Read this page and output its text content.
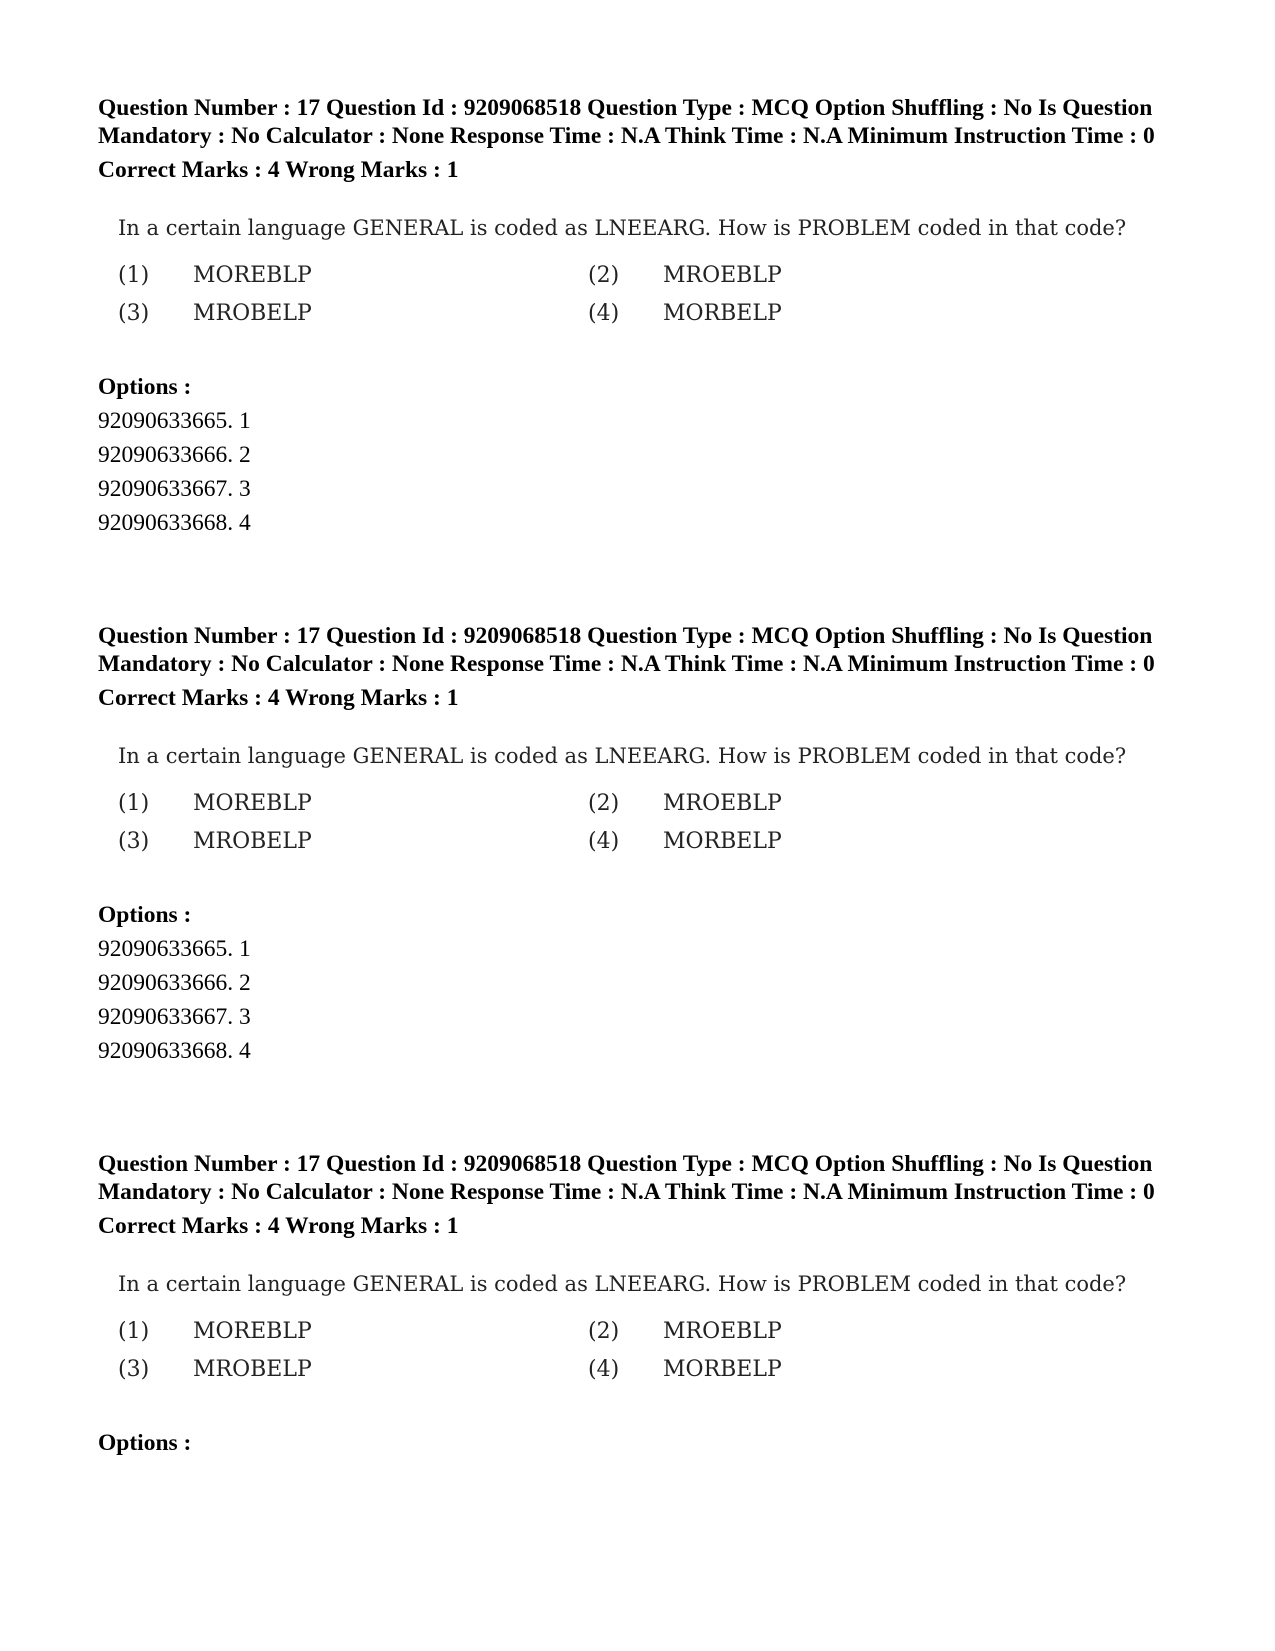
Question Number : 17 Question Id : 9209068518 Question Type : MCQ Option Shuffling : No Is Question Mandatory : No Calculator : None Response Time : N.A Think Time : N.A Minimum Instruction Time : 0

Correct Marks : 4 Wrong Marks : 1
In a certain language GENERAL is coded as LNEEARG. How is PROBLEM coded in that code?
(1)	MOREBLP	(2)	MROEBLP
(3)	MROBELP	(4)	MORBELP
Options :
92090633665. 1
92090633666. 2
92090633667. 3
92090633668. 4

Question Number : 17 Question Id : 9209068518 Question Type : MCQ Option Shuffling : No Is Question Mandatory : No Calculator : None Response Time : N.A Think Time : N.A Minimum Instruction Time : 0

Correct Marks : 4 Wrong Marks : 1
In a certain language GENERAL is coded as LNEEARG. How is PROBLEM coded in that code?
(1)	MOREBLP	(2)	MROEBLP
(3)	MROBELP	(4)	MORBELP
Options :
92090633665. 1
92090633666. 2
92090633667. 3
92090633668. 4

Question Number : 17 Question Id : 9209068518 Question Type : MCQ Option Shuffling : No Is Question Mandatory : No Calculator : None Response Time : N.A Think Time : N.A Minimum Instruction Time : 0

Correct Marks : 4 Wrong Marks : 1
In a certain language GENERAL is coded as LNEEARG. How is PROBLEM coded in that code?
(1)	MOREBLP	(2)	MROEBLP
(3)	MROBELP	(4)	MORBELP
Options :
